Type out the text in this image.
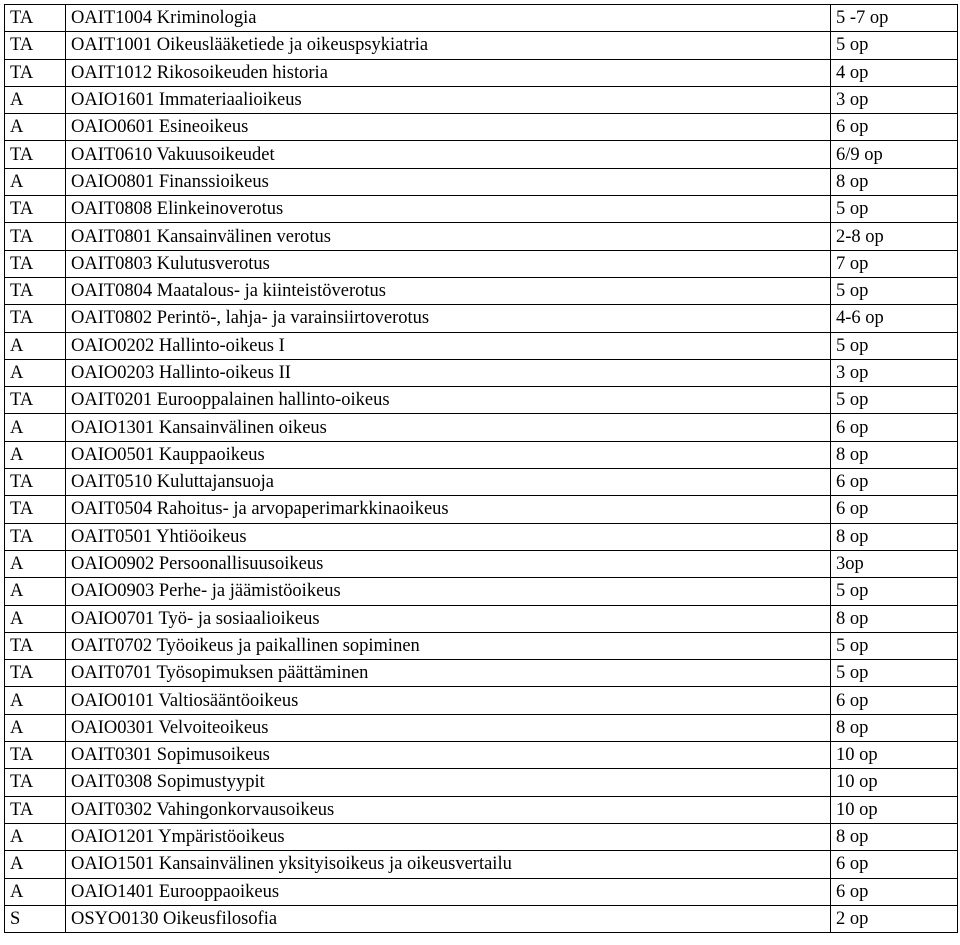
TA	OAIT1004 Kriminologia	5 -7 op
TA	OAIT1001 Oikeuslääketiede ja oikeuspsykiatria	5 op
TA	OAIT1012 Rikosoikeuden historia	4 op
A	OAIO1601 Immateriaalioikeus	3 op
A	OAIO0601 Esineoikeus	6 op
TA	OAIT0610 Vakuusoikeudet	6/9 op
A	OAIO0801 Finanssioikeus	8 op
TA	OAIT0808 Elinkeinoverotus	5 op
TA	OAIT0801 Kansainvälinen verotus	2-8 op
TA	OAIT0803 Kulutusverotus	7 op
TA	OAIT0804 Maatalous- ja kiinteistöverotus	5 op
TA	OAIT0802 Perintö-, lahja- ja varainsiirtoverotus	4-6 op
A	OAIO0202 Hallinto-oikeus I	5 op
A	OAIO0203 Hallinto-oikeus II	3 op
TA	OAIT0201 Eurooppalainen hallinto-oikeus	5 op
A	OAIO1301 Kansainvälinen oikeus	6 op
A	OAIO0501 Kauppaoikeus	8 op
TA	OAIT0510 Kuluttajansuoja	6 op
TA	OAIT0504 Rahoitus- ja arvopaperimarkkinaoikeus	6 op
TA	OAIT0501 Yhtiöoikeus	8 op
A	OAIO0902 Persoonallisuusoikeus	3op
A	OAIO0903 Perhe- ja jäämistöoikeus	5 op
A	OAIO0701 Työ- ja sosiaalioikeus	8 op
TA	OAIT0702 Työoikeus ja paikallinen sopiminen	5 op
TA	OAIT0701 Työsopimuksen päättäminen	5 op
A	OAIO0101 Valtiosääntöoikeus	6 op
A	OAIO0301 Velvoiteoikeus	8 op
TA	OAIT0301 Sopimusoikeus	10 op
TA	OAIT0308 Sopimustyypit	10 op
TA	OAIT0302 Vahingonkorvausoikeus	10 op
A	OAIO1201 Ympäristöoikeus	8 op
A	OAIO1501 Kansainvälinen yksityisoikeus ja oikeusvertailu	6 op
A	OAIO1401 Eurooppaoikeus	6 op
S	OSYO0130 Oikeusfilosofia	2 op
